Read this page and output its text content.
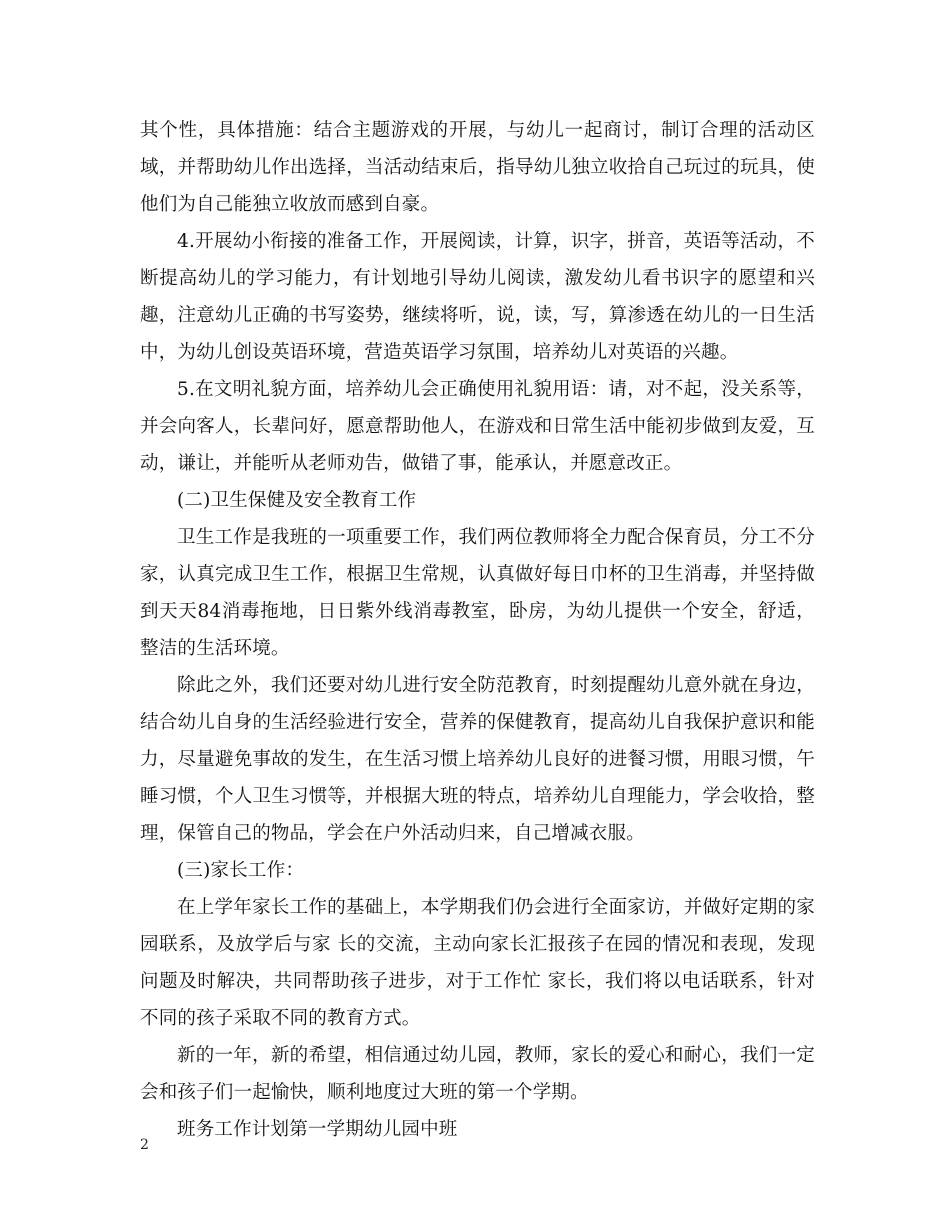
其个性，具体措施：结合主题游戏的开展，与幼儿一起商讨，制订合理的活动区域，并帮助幼儿作出选择，当活动结束后，指导幼儿独立收拾自己玩过的玩具，使他们为自己能独立收放而感到自豪。

4.开展幼小衔接的准备工作，开展阅读，计算，识字，拼音，英语等活动，不断提高幼儿的学习能力，有计划地引导幼儿阅读，激发幼儿看书识字的愿望和兴趣，注意幼儿正确的书写姿势，继续将听，说，读，写，算渗透在幼儿的一日生活中，为幼儿创设英语环境，营造英语学习氛围，培养幼儿对英语的兴趣。

5.在文明礼貌方面，培养幼儿会正确使用礼貌用语：请，对不起，没关系等，并会向客人，长辈问好，愿意帮助他人，在游戏和日常生活中能初步做到友爱，互动，谦让，并能听从老师劝告，做错了事，能承认，并愿意改正。

(二)卫生保健及安全教育工作

卫生工作是我班的一项重要工作，我们两位教师将全力配合保育员，分工不分家，认真完成卫生工作，根据卫生常规，认真做好每日巾杯的卫生消毒，并坚持做到天天84消毒拖地，日日紫外线消毒教室，卧房，为幼儿提供一个安全，舒适，整洁的生活环境。

除此之外，我们还要对幼儿进行安全防范教育，时刻提醒幼儿意外就在身边，结合幼儿自身的生活经验进行安全，营养的保健教育，提高幼儿自我保护意识和能力，尽量避免事故的发生，在生活习惯上培养幼儿良好的进餐习惯，用眼习惯，午睡习惯，个人卫生习惯等，并根据大班的特点，培养幼儿自理能力，学会收拾，整理，保管自己的物品，学会在户外活动归来，自己增减衣服。

(三)家长工作：

在上学年家长工作的基础上，本学期我们仍会进行全面家访，并做好定期的家园联系，及放学后与家 长的交流，主动向家长汇报孩子在园的情况和表现，发现问题及时解决，共同帮助孩子进步，对于工作忙 家长，我们将以电话联系，针对不同的孩子采取不同的教育方式。

新的一年，新的希望，相信通过幼儿园，教师，家长的爱心和耐心，我们一定会和孩子们一起愉快，顺利地度过大班的第一个学期。

班务工作计划第一学期幼儿园中班

2
